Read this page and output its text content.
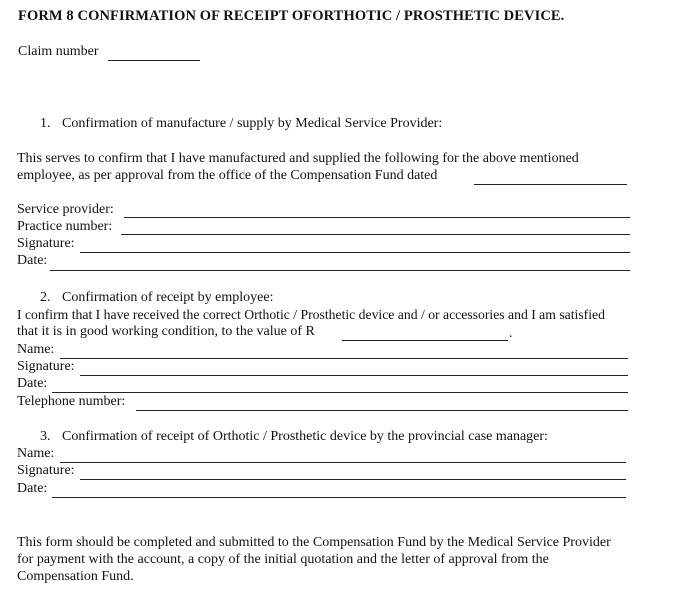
FORM 8 CONFIRMATION OF RECEIPT OFORTHOTIC / PROSTHETIC DEVICE.
Claim number
1. Confirmation of manufacture / supply by Medical Service Provider:
This serves to confirm that I have manufactured and supplied the following for the above mentioned
employee, as per approval from the office of the Compensation Fund dated
Service provider:
Practice number:
Signature:
Date:
2. Confirmation of receipt by employee:
I confirm that I have received the correct Orthotic / Prosthetic device and / or accessories and I am satisfied
that it is in good working condition, to the value of R	.
Name:
Signature:
Date:
Telephone number:
3. Confirmation of receipt of Orthotic / Prosthetic device by the provincial case manager:
Name:
Signature:
Date:
This form should be completed and submitted to the Compensation Fund by the Medical Service Provider
for payment with the account, a copy of the initial quotation and the letter of approval from the
Compensation Fund.
